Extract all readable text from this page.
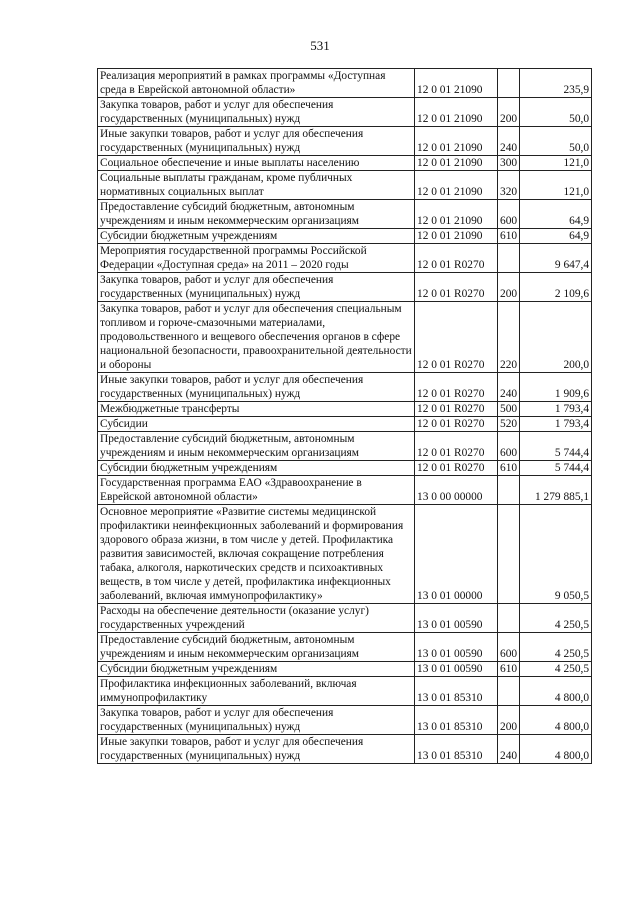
531
Реализация мероприятий в рамках программы «Доступная среда в Еврейской автономной области»	12 0 01 21090		235,9
Закупка товаров, работ и услуг для обеспечения государственных (муниципальных) нужд	12 0 01 21090	200	50,0
Иные закупки товаров, работ и услуг для обеспечения государственных (муниципальных) нужд	12 0 01 21090	240	50,0
Социальное обеспечение и иные выплаты населению	12 0 01 21090	300	121,0
Социальные выплаты гражданам, кроме публичных нормативных социальных выплат	12 0 01 21090	320	121,0
Предоставление субсидий бюджетным, автономным учреждениям и иным некоммерческим организациям	12 0 01 21090	600	64,9
Субсидии бюджетным учреждениям	12 0 01 21090	610	64,9
Мероприятия государственной программы Российской Федерации «Доступная среда» на 2011 – 2020 годы	12 0 01 R0270		9 647,4
Закупка товаров, работ и услуг для обеспечения государственных (муниципальных) нужд	12 0 01 R0270	200	2 109,6
Закупка товаров, работ и услуг для обеспечения специальным топливом и горюче-смазочными материалами, продовольственного и вещевого обеспечения органов в сфере национальной безопасности, правоохранительной деятельности и обороны	12 0 01 R0270	220	200,0
Иные закупки товаров, работ и услуг для обеспечения государственных (муниципальных) нужд	12 0 01 R0270	240	1 909,6
Межбюджетные трансферты	12 0 01 R0270	500	1 793,4
Субсидии	12 0 01 R0270	520	1 793,4
Предоставление субсидий бюджетным, автономным учреждениям и иным некоммерческим организациям	12 0 01 R0270	600	5 744,4
Субсидии бюджетным учреждениям	12 0 01 R0270	610	5 744,4
Государственная программа ЕАО «Здравоохранение в Еврейской автономной области»	13 0 00 00000		1 279 885,1
Основное мероприятие «Развитие системы медицинской профилактики неинфекционных заболеваний и формирования здорового образа жизни, в том числе у детей. Профилактика развития зависимостей, включая сокращение потребления табака, алкоголя, наркотических средств и психоактивных веществ, в том числе у детей, профилактика инфекционных заболеваний, включая иммунопрофилактику»	13 0 01 00000		9 050,5
Расходы на обеспечение деятельности (оказание услуг) государственных учреждений	13 0 01 00590		4 250,5
Предоставление субсидий бюджетным, автономным учреждениям и иным некоммерческим организациям	13 0 01 00590	600	4 250,5
Субсидии бюджетным учреждениям	13 0 01 00590	610	4 250,5
Профилактика инфекционных заболеваний, включая иммунопрофилактику	13 0 01 85310		4 800,0
Закупка товаров, работ и услуг для обеспечения государственных (муниципальных) нужд	13 0 01 85310	200	4 800,0
Иные закупки товаров, работ и услуг для обеспечения государственных (муниципальных) нужд	13 0 01 85310	240	4 800,0
